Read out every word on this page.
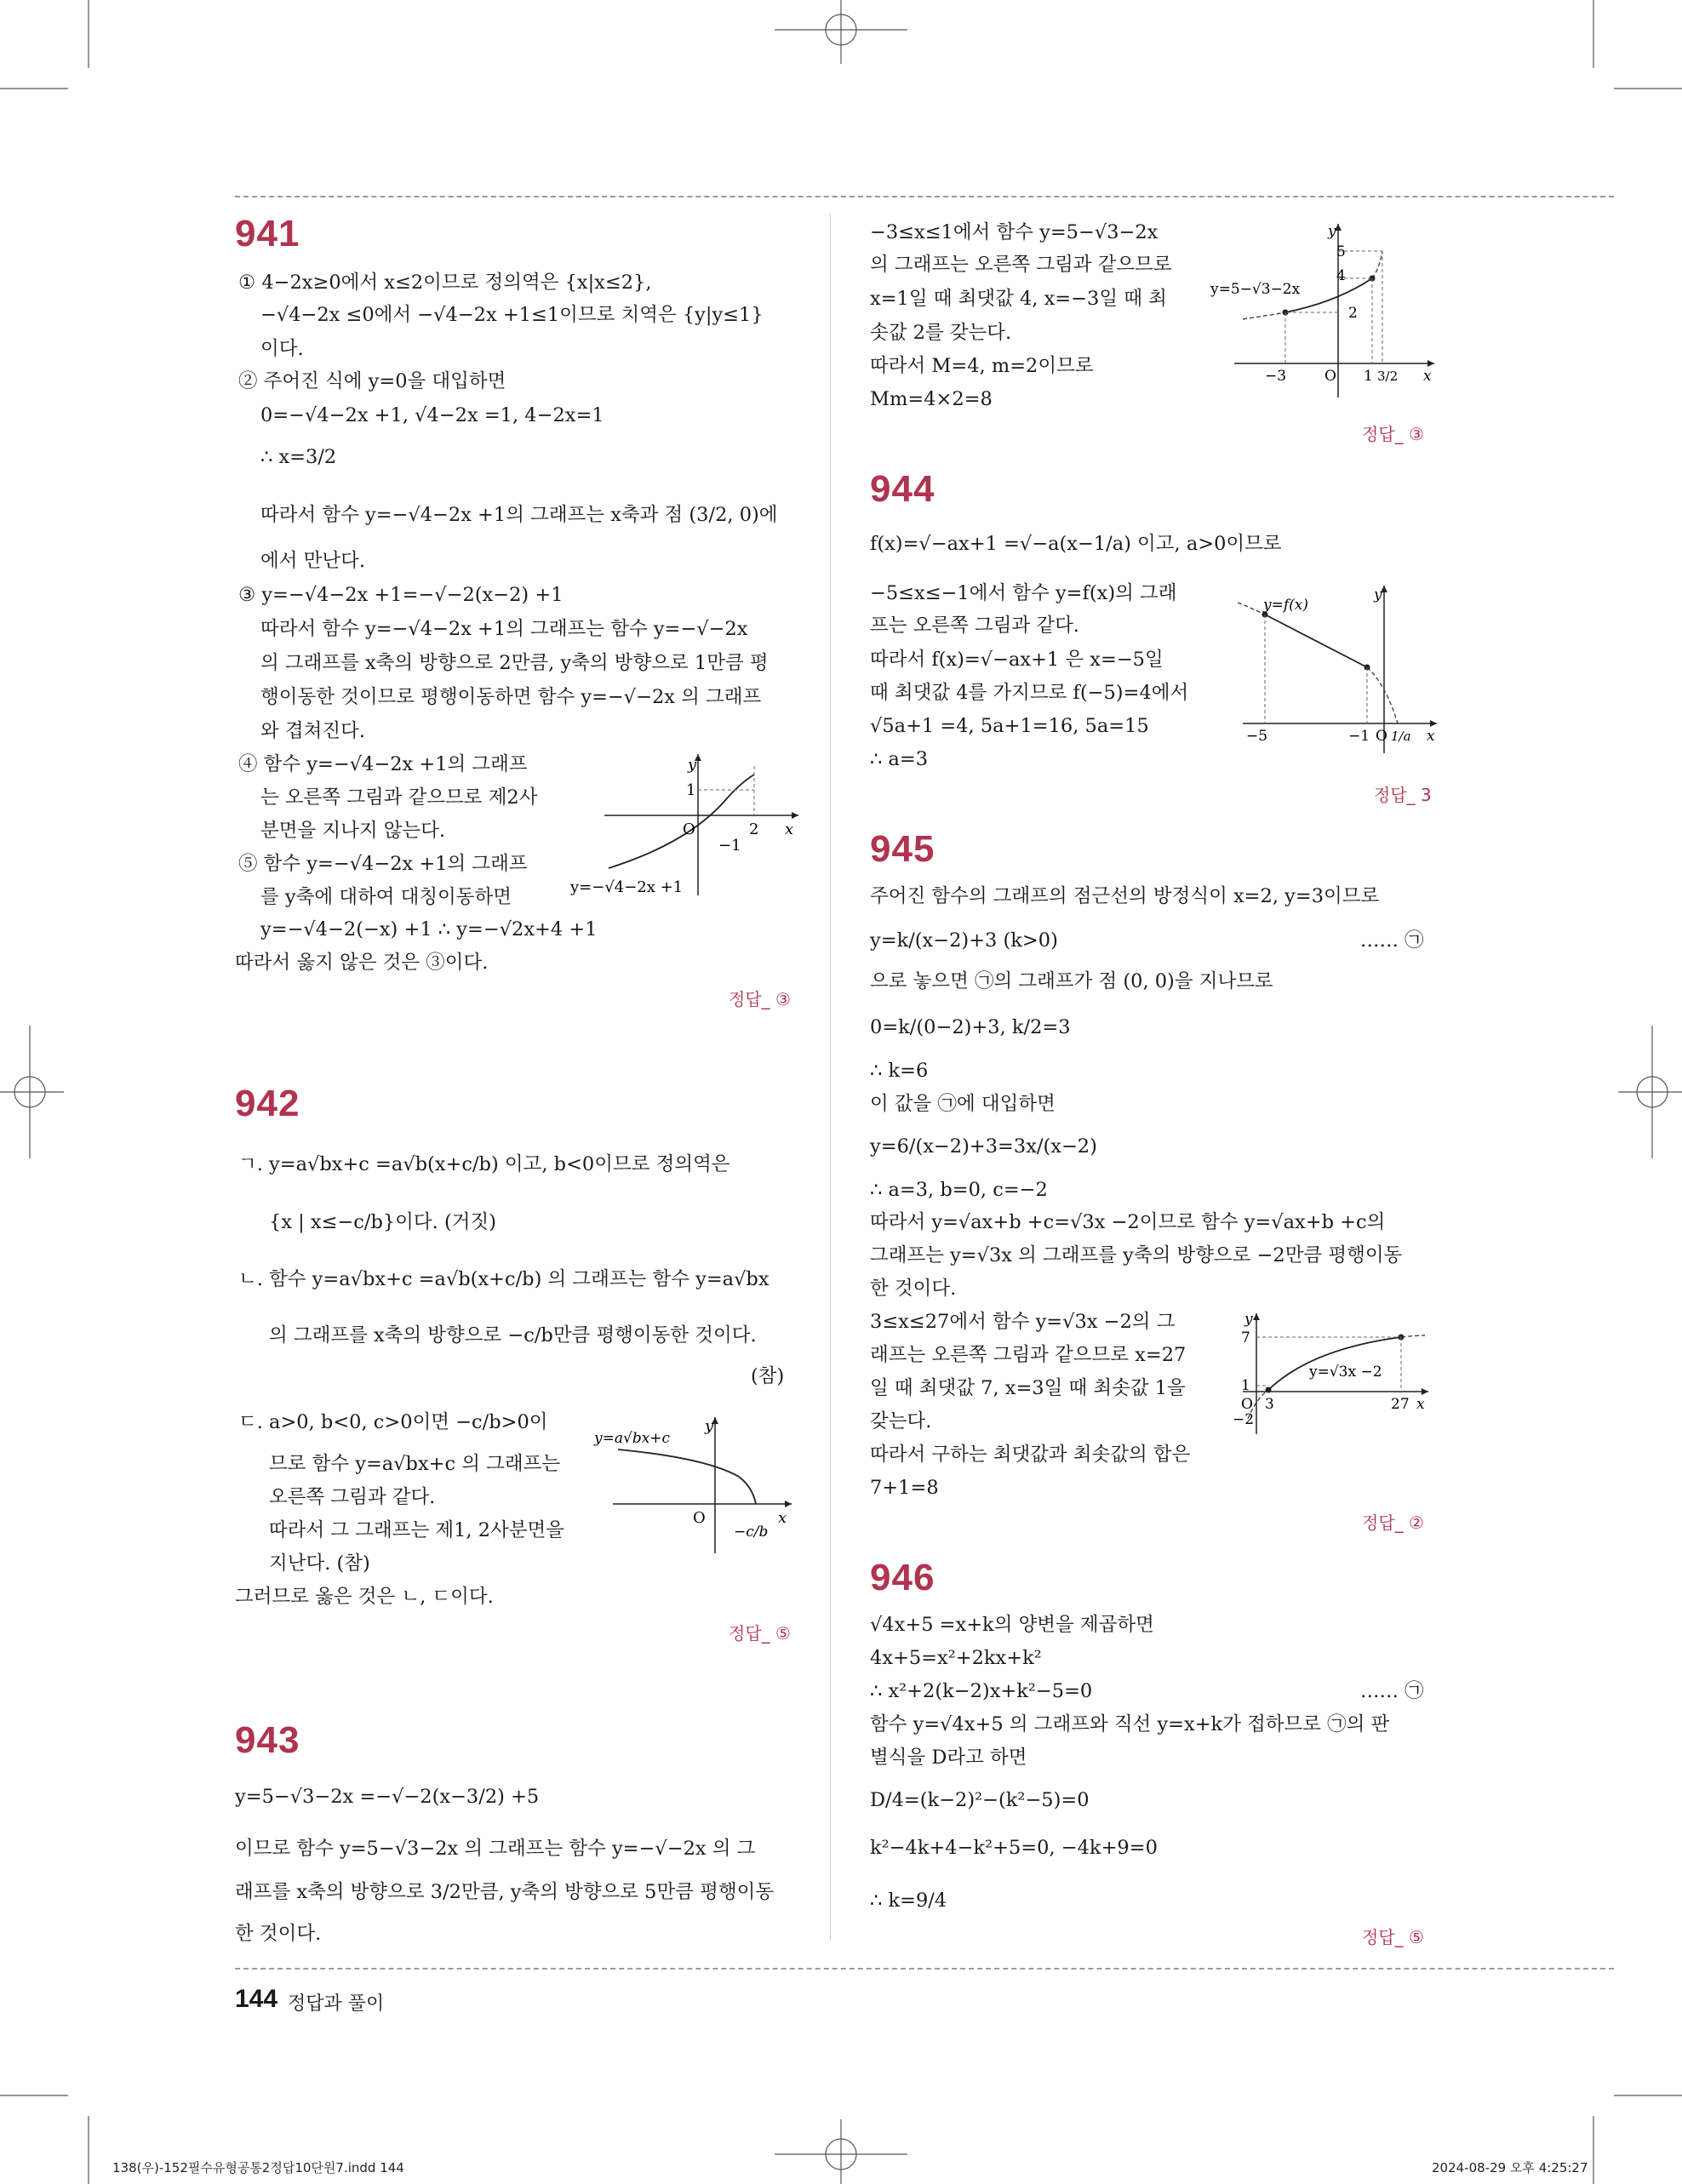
941
① 4−2x≥0에서 x≤2이므로 정의역은 {x|x≤2},
−√4−2x ≤0에서 −√4−2x +1≤1이므로 치역은 {y|y≤1}
이다.
② 주어진 식에 y=0을 대입하면
0=−√4−2x +1, √4−2x =1, 4−2x=1
∴ x=3/2
따라서 함수 y=−√4−2x +1의 그래프는 x축과 점 (3/2, 0)에
에서 만난다.
③ y=−√4−2x +1=−√−2(x−2) +1
따라서 함수 y=−√4−2x +1의 그래프는 함수 y=−√−2x
의 그래프를 x축의 방향으로 2만큼, y축의 방향으로 1만큼 평
행이동한 것이므로 평행이동하면 함수 y=−√−2x 의 그래프
와 겹쳐진다.
④ 함수 y=−√4−2x +1의 그래프
는 오른쪽 그림과 같으므로 제2사
분면을 지나지 않는다.
⑤ 함수 y=−√4−2x +1의 그래프
를 y축에 대하여 대칭이동하면
y=−√4−2(−x) +1 ∴ y=−√2x+4 +1
따라서 옳지 않은 것은 ③이다.
y
x
O
1
−1
2
y=−√4−2x +1
정답_ ③
942
ㄱ. y=a√bx+c =a√b(x+c/b) 이고, b<0이므로 정의역은
{x | x≤−c/b}이다. (거짓)
ㄴ. 함수 y=a√bx+c =a√b(x+c/b) 의 그래프는 함수 y=a√bx
의 그래프를 x축의 방향으로 −c/b만큼 평행이동한 것이다.
(참)
ㄷ. a>0, b<0, c>0이면 −c/b>0이
므로 함수 y=a√bx+c 의 그래프는
오른쪽 그림과 같다.
따라서 그 그래프는 제1, 2사분면을
지난다. (참)
그러므로 옳은 것은 ㄴ, ㄷ이다.
y
x
O
y=a√bx+c
−c/b
정답_ ⑤
943
y=5−√3−2x =−√−2(x−3/2) +5
이므로 함수 y=5−√3−2x 의 그래프는 함수 y=−√−2x 의 그
래프를 x축의 방향으로 3/2만큼, y축의 방향으로 5만큼 평행이동
한 것이다.
−3≤x≤1에서 함수 y=5−√3−2x
의 그래프는 오른쪽 그림과 같으므로
x=1일 때 최댓값 4, x=−3일 때 최
솟값 2를 갖는다.
따라서 M=4, m=2이므로
Mm=4×2=8
y
x
O
y=5−√3−2x
5
4
2
−3	1 3/2
정답_ ③
944
f(x)=√−ax+1 =√−a(x−1/a) 이고, a>0이므로
−5≤x≤−1에서 함수 y=f(x)의 그래
프는 오른쪽 그림과 같다.
따라서 f(x)=√−ax+1 은 x=−5일
때 최댓값 4를 가지므로 f(−5)=4에서
√5a+1 =4, 5a+1=16, 5a=15
∴ a=3
y
x
O
y=f(x)
−5	−1 1/a
정답_ 3
945
주어진 함수의 그래프의 점근선의 방정식이 x=2, y=3이므로
y=k/(x−2)+3 (k>0)	…… ㉠
으로 놓으면 ㉠의 그래프가 점 (0, 0)을 지나므로
0=k/(0−2)+3, k/2=3
∴ k=6
이 값을 ㉠에 대입하면
y=6/(x−2)+3=3x/(x−2)
∴ a=3, b=0, c=−2
따라서 y=√ax+b +c=√3x −2이므로 함수 y=√ax+b +c의
그래프는 y=√3x 의 그래프를 y축의 방향으로 −2만큼 평행이동
한 것이다.
3≤x≤27에서 함수 y=√3x −2의 그
래프는 오른쪽 그림과 같으므로 x=27
일 때 최댓값 7, x=3일 때 최솟값 1을
갖는다.
따라서 구하는 최댓값과 최솟값의 합은
7+1=8
y
x
O
y=√3x −2
7
1
−2
3	27
정답_ ②
946
√4x+5 =x+k의 양변을 제곱하면
4x+5=x²+2kx+k²
∴ x²+2(k−2)x+k²−5=0	…… ㉠
함수 y=√4x+5 의 그래프와 직선 y=x+k가 접하므로 ㉠의 판
별식을 D라고 하면
D/4=(k−2)²−(k²−5)=0
k²−4k+4−k²+5=0, −4k+9=0
∴ k=9/4
정답_ ⑤
144 정답과 풀이
138(우)-152필수유형공통2정답10단원7.indd 144	2024-08-29 오후 4:25:27
